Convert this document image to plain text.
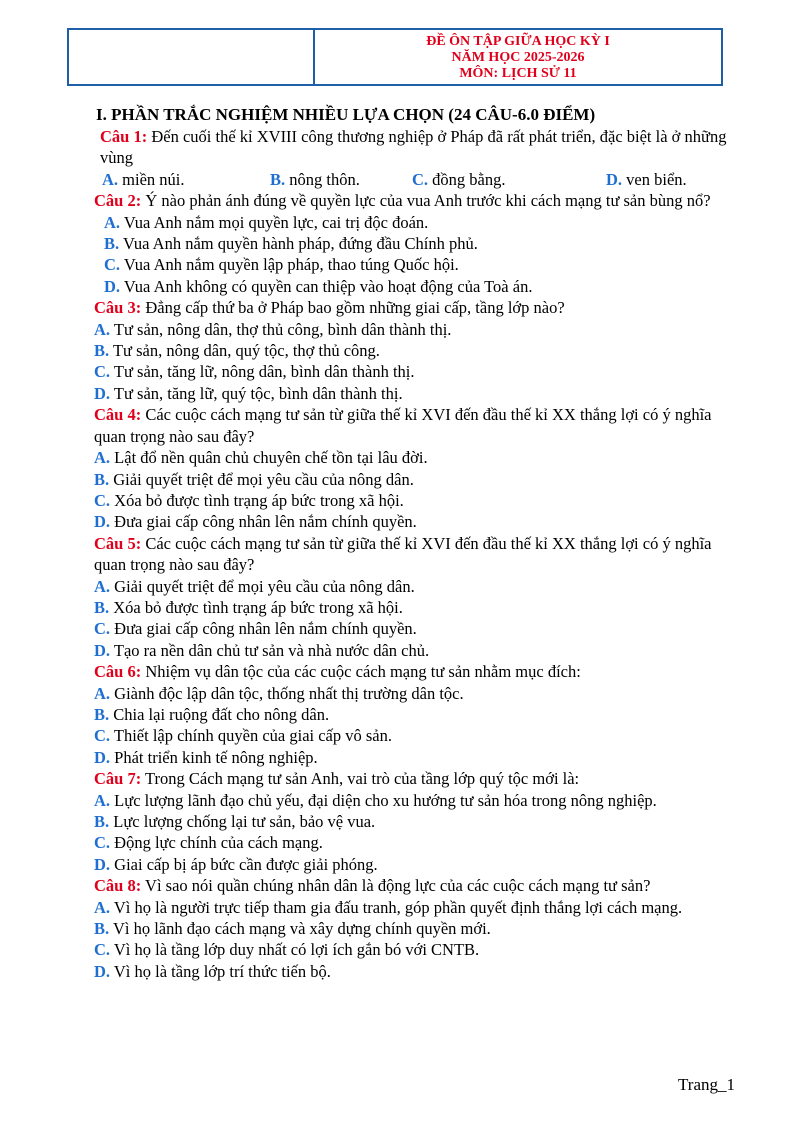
ĐỀ ÔN TẬP GIỮA HỌC KỲ I
NĂM HỌC 2025-2026
MÔN: LỊCH SỬ 11
I. PHẦN TRẮC NGHIỆM NHIỀU LỰA CHỌN (24 CÂU-6.0 ĐIỂM)

Câu 1: Đến cuối thế kỉ XVIII công thương nghiệp ở Pháp đã rất phát triển, đặc biệt là ở những vùng

A. miền núi.	B. nông thôn.	C. đồng bằng.	D. ven biển.

Câu 2: Ý nào phản ánh đúng về quyền lực của vua Anh trước khi cách mạng tư sản bùng nổ?

A. Vua Anh nắm mọi quyền lực, cai trị độc đoán.

B. Vua Anh nắm quyền hành pháp, đứng đầu Chính phủ.

C. Vua Anh nắm quyền lập pháp, thao túng Quốc hội.

D. Vua Anh không có quyền can thiệp vào hoạt động của Toà án.

Câu 3: Đẳng cấp thứ ba ở Pháp bao gồm những giai cấp, tầng lớp nào?

A. Tư sản, nông dân, thợ thủ công, bình dân thành thị.

B. Tư sản, nông dân, quý tộc, thợ thủ công.

C. Tư sản, tăng lữ, nông dân, bình dân thành thị.

D. Tư sản, tăng lữ, quý tộc, bình dân thành thị.

Câu 4: Các cuộc cách mạng tư sản từ giữa thế kỉ XVI đến đầu thế kỉ XX thắng lợi có ý nghĩa quan trọng nào sau đây?

A. Lật đổ nền quân chủ chuyên chế tồn tại lâu đời.

B. Giải quyết triệt để mọi yêu cầu của nông dân.

C. Xóa bỏ được tình trạng áp bức trong xã hội.

D. Đưa giai cấp công nhân lên nắm chính quyền.

Câu 5: Các cuộc cách mạng tư sản từ giữa thế kỉ XVI đến đầu thế kỉ XX thắng lợi có ý nghĩa quan trọng nào sau đây?

A. Giải quyết triệt để mọi yêu cầu của nông dân.

B. Xóa bỏ được tình trạng áp bức trong xã hội.

C. Đưa giai cấp công nhân lên nắm chính quyền.

D. Tạo ra nền dân chủ tư sản và nhà nước dân chủ.

Câu 6: Nhiệm vụ dân tộc của các cuộc cách mạng tư sản nhằm mục đích:

A. Giành độc lập dân tộc, thống nhất thị trường dân tộc.

B. Chia lại ruộng đất cho nông dân.

C. Thiết lập chính quyền của giai cấp vô sản.

D. Phát triển kinh tế nông nghiệp.

Câu 7: Trong Cách mạng tư sản Anh, vai trò của tầng lớp quý tộc mới là:

A. Lực lượng lãnh đạo chủ yếu, đại diện cho xu hướng tư sản hóa trong nông nghiệp.

B. Lực lượng chống lại tư sản, bảo vệ vua.

C. Động lực chính của cách mạng.

D. Giai cấp bị áp bức cần được giải phóng.

Câu 8: Vì sao nói quần chúng nhân dân là động lực của các cuộc cách mạng tư sản?

A. Vì họ là người trực tiếp tham gia đấu tranh, góp phần quyết định thắng lợi cách mạng.

B. Vì họ lãnh đạo cách mạng và xây dựng chính quyền mới.

C. Vì họ là tầng lớp duy nhất có lợi ích gắn bó với CNTB.

D. Vì họ là tầng lớp trí thức tiến bộ.

Trang_1
